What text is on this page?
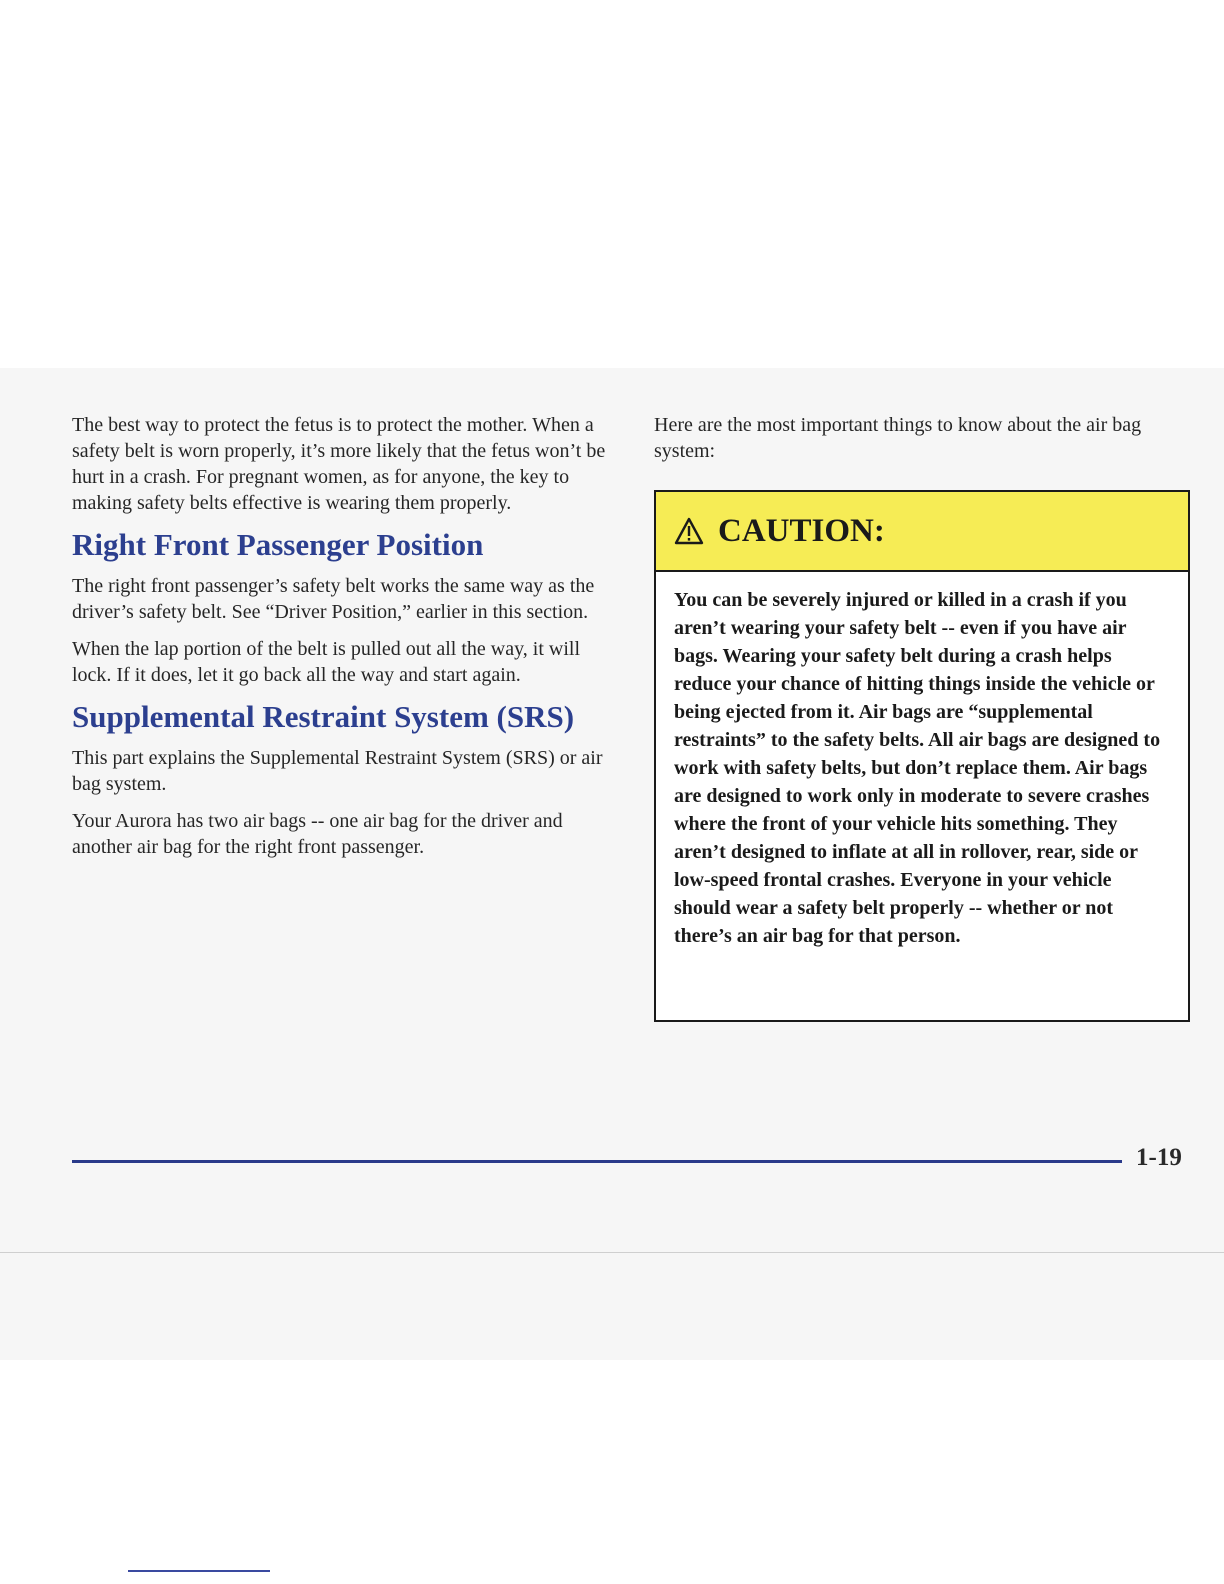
The best way to protect the fetus is to protect the mother. When a safety belt is worn properly, it’s more likely that the fetus won’t be hurt in a crash. For pregnant women, as for anyone, the key to making safety belts effective is wearing them properly.

Right Front Passenger Position

The right front passenger’s safety belt works the same way as the driver’s safety belt. See “Driver Position,” earlier in this section.

When the lap portion of the belt is pulled out all the way, it will lock. If it does, let it go back all the way and start again.

Supplemental Restraint System (SRS)

This part explains the Supplemental Restraint System (SRS) or air bag system.

Your Aurora has two air bags -- one air bag for the driver and another air bag for the right front passenger.

Here are the most important things to know about the air bag system:

CAUTION:
You can be severely injured or killed in a crash if you aren’t wearing your safety belt -- even if you have air bags. Wearing your safety belt during a crash helps reduce your chance of hitting things inside the vehicle or being ejected from it. Air bags are “supplemental restraints” to the safety belts. All air bags are designed to work with safety belts, but don’t replace them. Air bags are designed to work only in moderate to severe crashes where the front of your vehicle hits something. They aren’t designed to inflate at all in rollover, rear, side or low-speed frontal crashes. Everyone in your vehicle should wear a safety belt properly -- whether or not there’s an air bag for that person.
1-19
